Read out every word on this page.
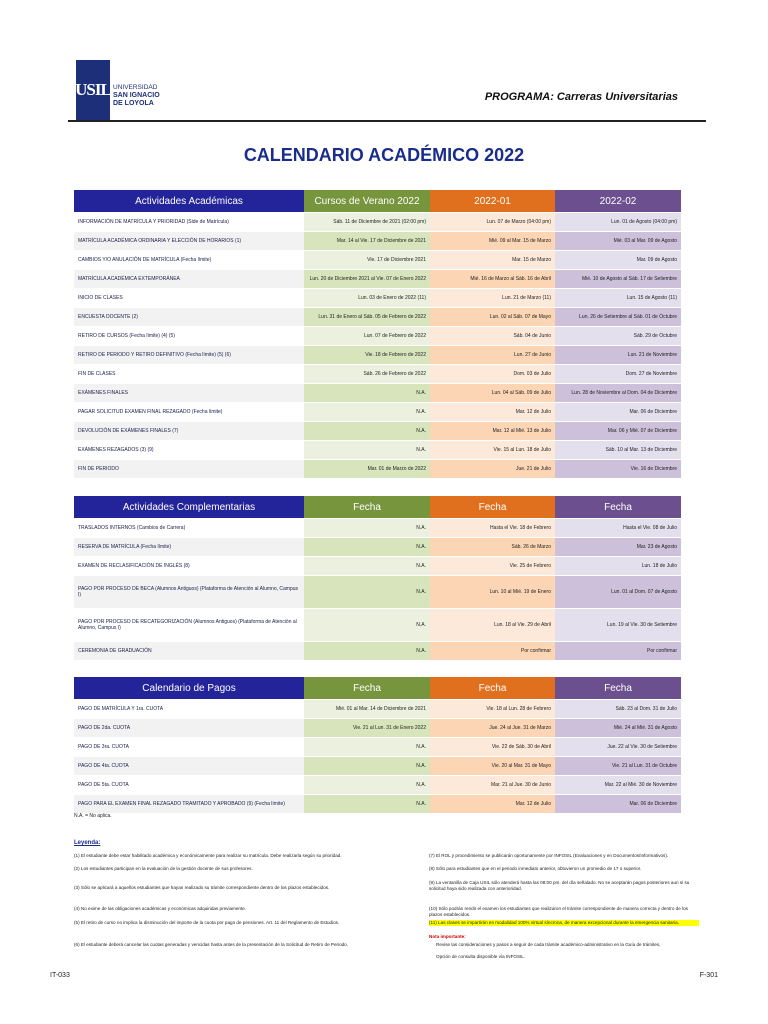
USIL UNIVERSIDAD
SAN IGNACIO
DE LOYOLA
PROGRAMA: Carreras Universitarias
CALENDARIO ACADÉMICO 2022
Actividades Académicas	Cursos de Verano 2022	2022-01	2022-02
INFORMACIÓN DE MATRÍCULA Y PRIORIDAD (Side de Matrícula)	Sáb. 11 de Diciembre de 2021 (02:00 pm)	Lun. 07 de Marzo (04:00 pm)	Lun. 01 de Agosto (04:00 pm)
MATRÍCULA ACADÉMICA ORDINARIA Y ELECCIÓN DE HORARIOS (1)	Mar. 14 al Vie. 17 de Diciembre de 2021	Mié. 09 al Mar. 15 de Marzo	Mié. 03 al Mar. 09 de Agosto
CAMBIOS Y/O ANULACIÓN DE MATRÍCULA (Fecha límite)	Vie. 17 de Diciembre 2021	Mar. 15 de Marzo	Mar. 09 de Agosto
MATRÍCULA ACADÉMICA EXTEMPORÁNEA	Lun. 20 de Diciembre 2021 al Vie. 07 de Enero 2022	Mié. 16 de Marzo al Sáb. 16 de Abril	Mié. 10 de Agosto al Sáb. 17 de Setiembre
INICIO DE CLASES	Lun. 03 de Enero de 2022 (11)	Lun. 21 de Marzo (11)	Lun. 15 de Agosto (11)
ENCUESTA DOCENTE (2)	Lun. 31 de Enero al Sáb. 05 de Febrero de 2022	Lun. 02 al Sáb. 07 de Mayo	Lun. 26 de Setiembre al Sáb. 01 de Octubre
RETIRO DE CURSOS (Fecha límite) (4) (5)	Lun. 07 de Febrero de 2022	Sáb. 04 de Junio	Sáb. 29 de Octubre
RETIRO DE PERIODO Y RETIRO DEFINITIVO (Fecha límite) (5) (6)	Vie. 18 de Febrero de 2022	Lun. 27 de Junio	Lun. 21 de Noviembre
FIN DE CLASES	Sáb. 26 de Febrero de 2022	Dom. 03 de Julio	Dom. 27 de Noviembre
EXÁMENES FINALES	N.A.	Lun. 04 al Sáb. 09 de Julio	Lun. 28 de Noviembre al Dom. 04 de Diciembre
PAGAR SOLICITUD EXAMEN FINAL REZAGADO (Fecha límite)	N.A.	Mar. 12 de Julio	Mar. 06 de Diciembre
DEVOLUCIÓN DE EXÁMENES FINALES (7)	N.A.	Mar. 12 al Mié. 13 de Julio	Mar. 06 y Mié. 07 de Diciembre
EXÁMENES REZAGADOS (3) (9)	N.A.	Vie. 15 al Lun. 18 de Julio	Sáb. 10 al Mar. 13 de Diciembre
FIN DE PERIODO	Mar. 01 de Marzo de 2022	Jue. 21 de Julio	Vie. 16 de Diciembre
Actividades Complementarias	Fecha	Fecha	Fecha
TRASLADOS INTERNOS (Cambios de Carrera)	N.A.	Hasta el Vie. 18 de Febrero	Hasta el Vie. 08 de Julio
RESERVA DE MATRÍCULA (Fecha límite)	N.A.	Sáb. 26 de Marzo	Mar. 23 de Agosto
EXAMEN DE RECLASIFICACIÓN DE INGLÉS (8)	N.A.	Vie. 25 de Febrero	Lun. 18 de Julio
PAGO POR PROCESO DE BECA (Alumnos Antiguos) (Plataforma de Atención al Alumno, Campus I)	N.A.	Lun. 10 al Mié. 19 de Enero	Lun. 01 al Dom. 07 de Agosto
PAGO POR PROCESO DE RECATEGORIZACIÓN (Alumnos Antiguos) (Plataforma de Atención al Alumno, Campus I)	N.A.	Lun. 18 al Vie. 29 de Abril	Lun. 19 al Vie. 30 de Setiembre
CEREMONIA DE GRADUACIÓN	N.A.	Por confirmar	Por confirmar
Calendario de Pagos	Fecha	Fecha	Fecha
PAGO DE MATRÍCULA Y 1ra. CUOTA	Mié. 01 al Mar. 14 de Diciembre de 2021	Vie. 18 al Lun. 28 de Febrero	Sáb. 23 al Dom. 31 de Julio
PAGO DE 2da. CUOTA	Vie. 21 al Lun. 31 de Enero 2022	Jue. 24 al Jue. 31 de Marzo	Mié. 24 al Mié. 31 de Agosto
PAGO DE 3ra. CUOTA	N.A.	Vie. 22 de Sáb. 30 de Abril	Jue. 22 al Vie. 30 de Setiembre
PAGO DE 4ta. CUOTA	N.A.	Vie. 20 al Mar. 31 de Mayo	Vie. 21 al Lun. 31 de Octubre
PAGO DE 5ta. CUOTA	N.A.	Mar. 21 al Jue. 30 de Junio	Mar. 22 al Mié. 30 de Noviembre
PAGO PARA EL EXAMEN FINAL REZAGADO TRAMITADO Y APROBADO (9) (Fecha límite)	N.A.	Mar. 12 de Julio	Mar. 06 de Diciembre
N.A. = No aplica.
Leyenda:
(1) El estudiante debe estar habilitado académica y económicamente para realizar su matrícula. Debe realizarla según su prioridad.
(2) Los estudiantes participan en la evaluación de la gestión docente de sus profesores.
(3) Sólo se aplicará a aquellos estudiantes que hayan realizado su trámite correspondiente dentro de los plazos establecidos.
(4) No exime de las obligaciones académicas y económicas adquiridas previamente.
(5) El retiro de curso no implica la disminución del importe de la cuota por pago de pensiones. Art. 11 del Reglamento de Estudios.
(6) El estudiante deberá cancelar las cuotas generadas y vencidas hasta antes de la presentación de la Solicitud de Retiro de Periodo.
(7) El ROL y procedimiento se publicarán oportunamente por INFOSIL (Evaluaciones y en Documentos/Informativos).
(8) Sólo para estudiantes que en el periodo inmediato anterior, obtuvieron un promedio de 17 o superior.
(9) La ventanilla de Caja USIL sólo atenderá hasta las 08:00 pm. del día señalado. No se aceptarán pagos posteriores aun si su solicitud haya sido realizada con anterioridad.
(10) Sólo podrán rendir el examen los estudiantes que realizaron el trámite correspondiente de manera correcta y dentro de los plazos establecidos.
(11) Las clases se impartirán en modalidad 100% virtual síncrona, de manera excepcional durante la emergencia sanitaria.
Nota importante:
Revise las consideraciones y pasos a seguir de cada trámite académico-administrativo en la Guía de trámites,
Opción de consulta disponible vía INFOSIL.
IT-033	F-301
